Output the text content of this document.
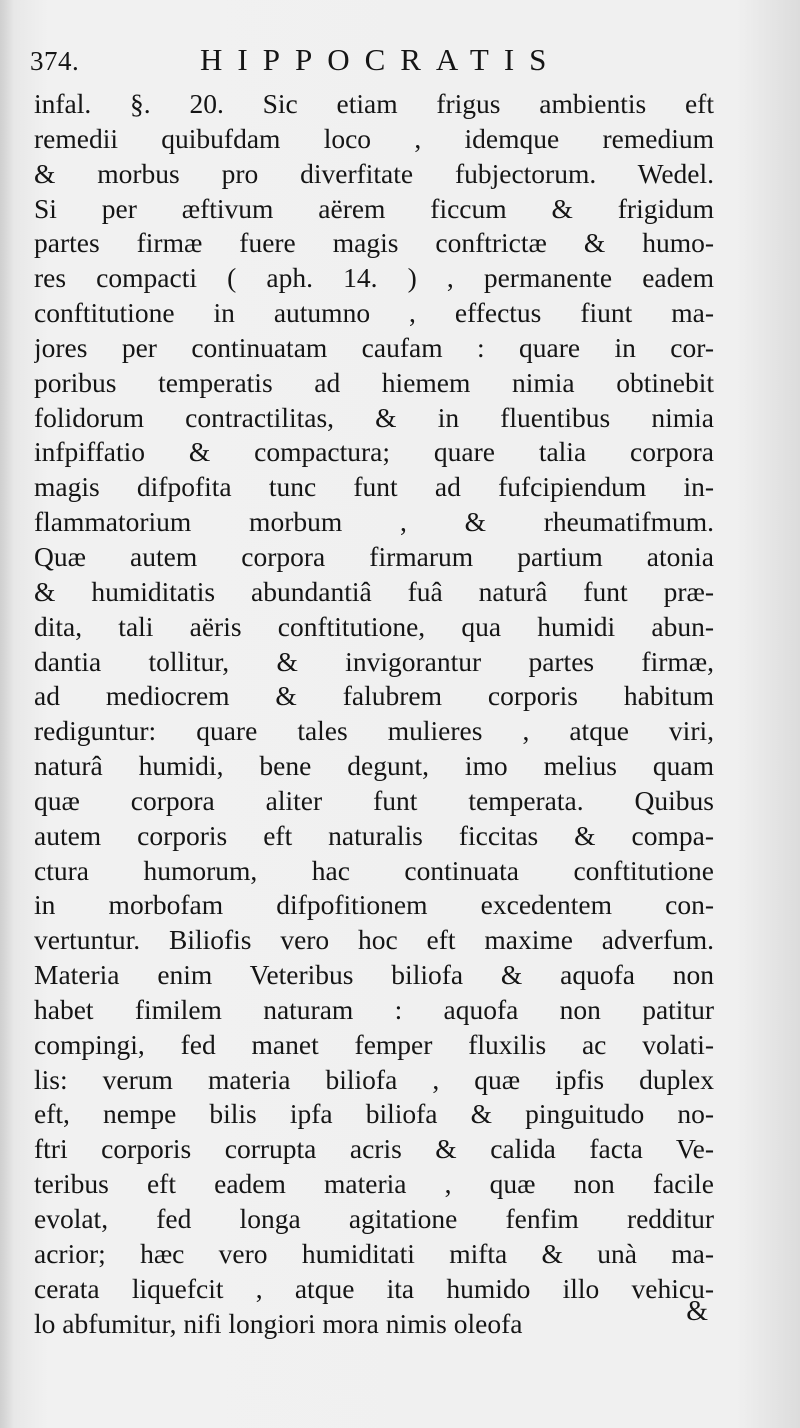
374.	HIPPOCRATIS
infal. §. 20. Sic etiam frigus ambientis eft
remedii quibufdam loco , idemque remedium
& morbus pro diverfitate fubjectorum. Wedel.
Si per æftivum aërem ficcum & frigidum
partes firmæ fuere magis conftrictæ & humo-
res compacti ( aph. 14. ) , permanente eadem
conftitutione in autumno , effectus fiunt ma-
jores per continuatam caufam : quare in cor-
poribus temperatis ad hiemem nimia obtinebit
folidorum contractilitas, & in fluentibus nimia
infpiffatio & compactura; quare talia corpora
magis difpofita tunc funt ad fufcipiendum in-
flammatorium morbum , & rheumatifmum.
Quæ autem corpora firmarum partium atonia
& humiditatis abundantiâ fuâ naturâ funt præ-
dita, tali aëris conftitutione, qua humidi abun-
dantia tollitur, & invigorantur partes firmæ,
ad mediocrem & falubrem corporis habitum
rediguntur: quare tales mulieres , atque viri,
naturâ humidi, bene degunt, imo melius quam
quæ corpora aliter funt temperata. Quibus
autem corporis eft naturalis ficcitas & compa-
ctura humorum, hac continuata conftitutione
in morbofam difpofitionem excedentem con-
vertuntur. Biliofis vero hoc eft maxime adverfum.
Materia enim Veteribus biliofa & aquofa non
habet fimilem naturam : aquofa non patitur
compingi, fed manet femper fluxilis ac volati-
lis: verum materia biliofa , quæ ipfis duplex
eft, nempe bilis ipfa biliofa & pinguitudo no-
ftri corporis corrupta acris & calida facta Ve-
teribus eft eadem materia , quæ non facile
evolat, fed longa agitatione fenfim redditur
acrior; hæc vero humiditati mifta & unà ma-
cerata liquefcit , atque ita humido illo vehicu-
lo abfumitur, nifi longiori mora nimis oleofa	&
